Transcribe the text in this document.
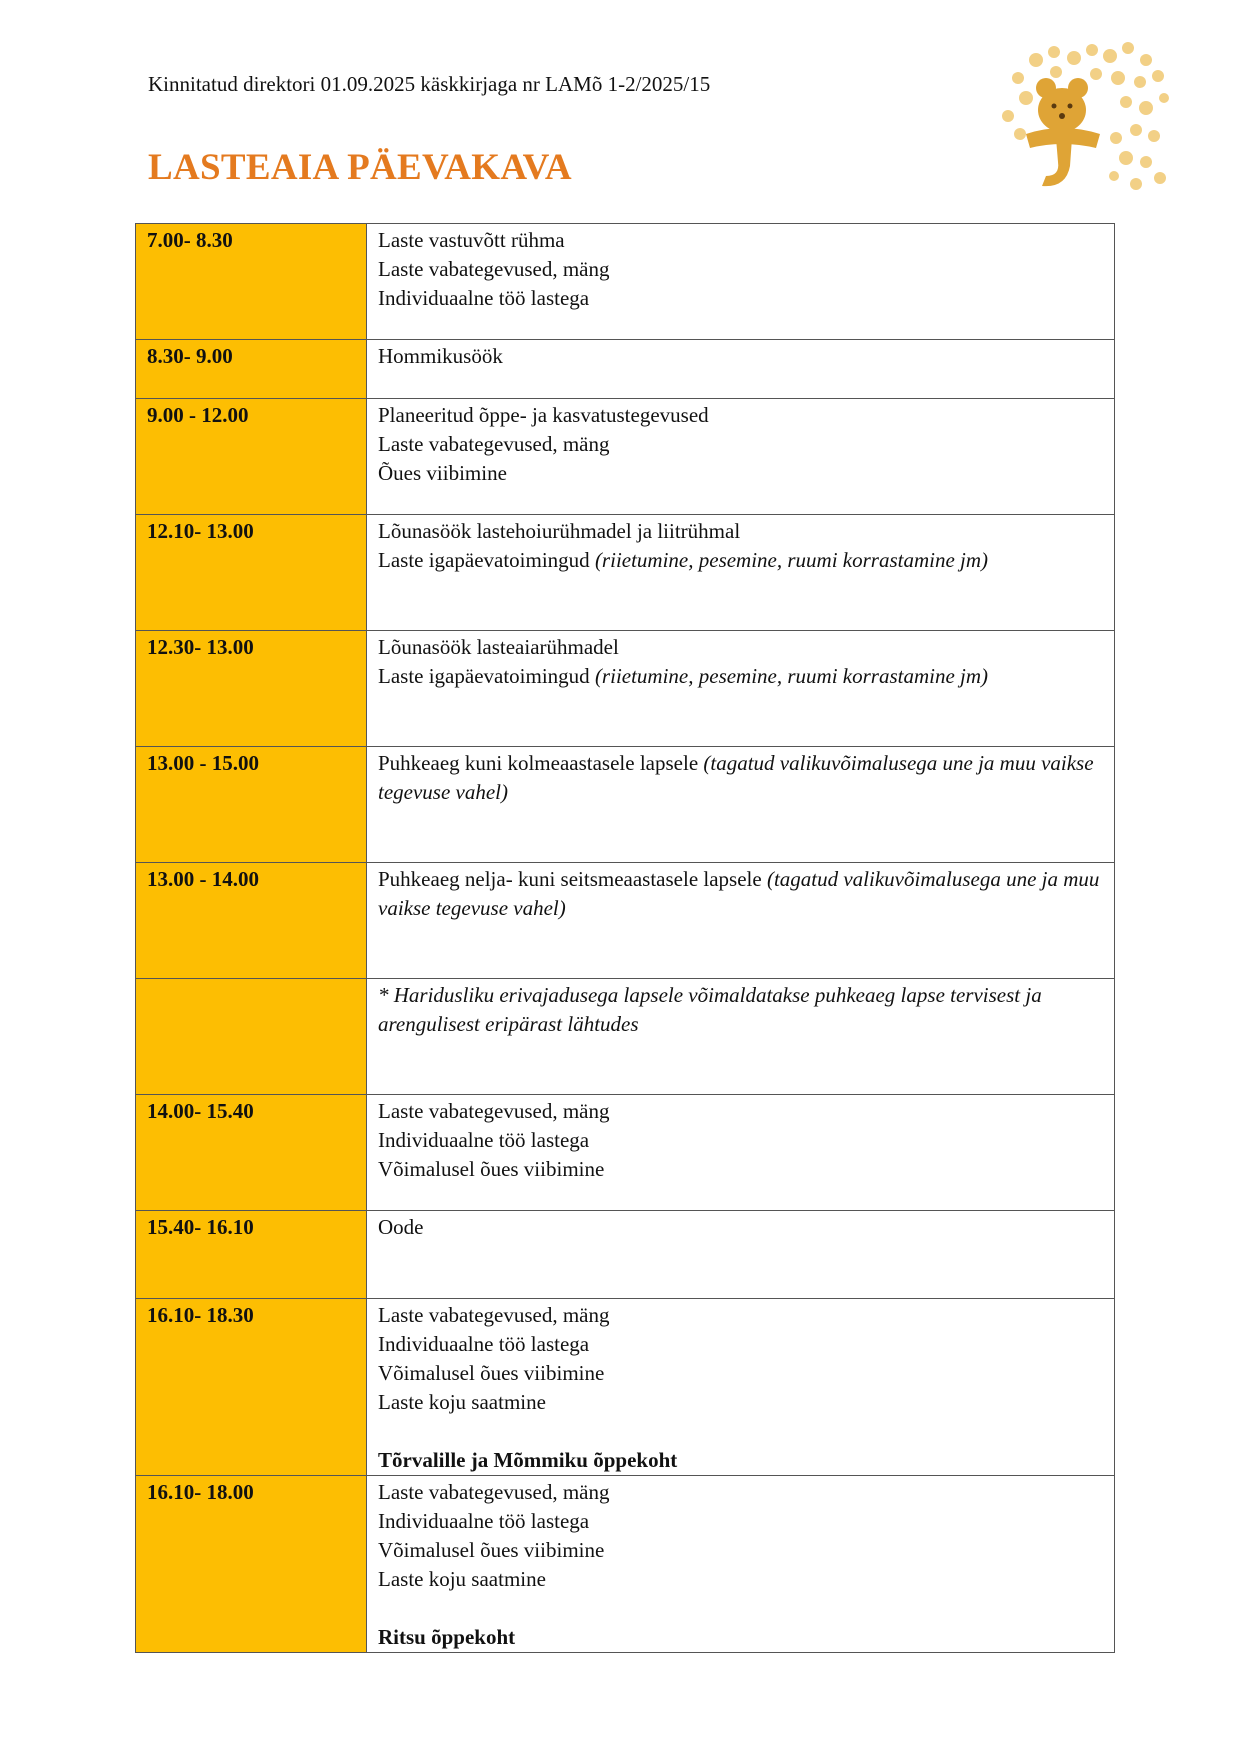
Kinnitatud direktori 01.09.2025 käskkirjaga nr LAMõ 1-2/2025/15
LASTEAIA PÄEVAKAVA
7.00- 8.30	Laste vastuvõtt rühma
Laste vabategevused, mäng
Individuaalne töö lastega

8.30- 9.00	Hommikusöök

9.00 - 12.00	Planeeritud õppe- ja kasvatustegevused
Laste vabategevused, mäng
Õues viibimine

12.10- 13.00	Lõunasöök lastehoiurühmadel ja liitrühmal
Laste igapäevatoimingud (riietumine, pesemine, ruumi korrastamine jm)
12.30- 13.00	Lõunasöök lasteaiarühmadel
Laste igapäevatoimingud (riietumine, pesemine, ruumi korrastamine jm)
13.00 - 15.00	Puhkeaeg kuni kolmeaastasele lapsele (tagatud valikuvõimalusega une ja muu vaikse tegevuse vahel)
13.00 - 14.00	Puhkeaeg nelja- kuni seitsmeaastasele lapsele (tagatud valikuvõimalusega une ja muu vaikse tegevuse vahel)
	* Haridusliku erivajadusega lapsele võimaldatakse puhkeaeg lapse tervisest ja arengulisest eripärast lähtudes
14.00- 15.40	Laste vabategevused, mäng
Individuaalne töö lastega
Võimalusel õues viibimine

15.40- 16.10	Oode

16.10- 18.30	Laste vabategevused, mäng
Individuaalne töö lastega
Võimalusel õues viibimine
Laste koju saatmine
Tõrvalille ja Mõmmiku õppekoht

16.10- 18.00	Laste vabategevused, mäng
Individuaalne töö lastega
Võimalusel õues viibimine
Laste koju saatmine
Ritsu õppekoht
